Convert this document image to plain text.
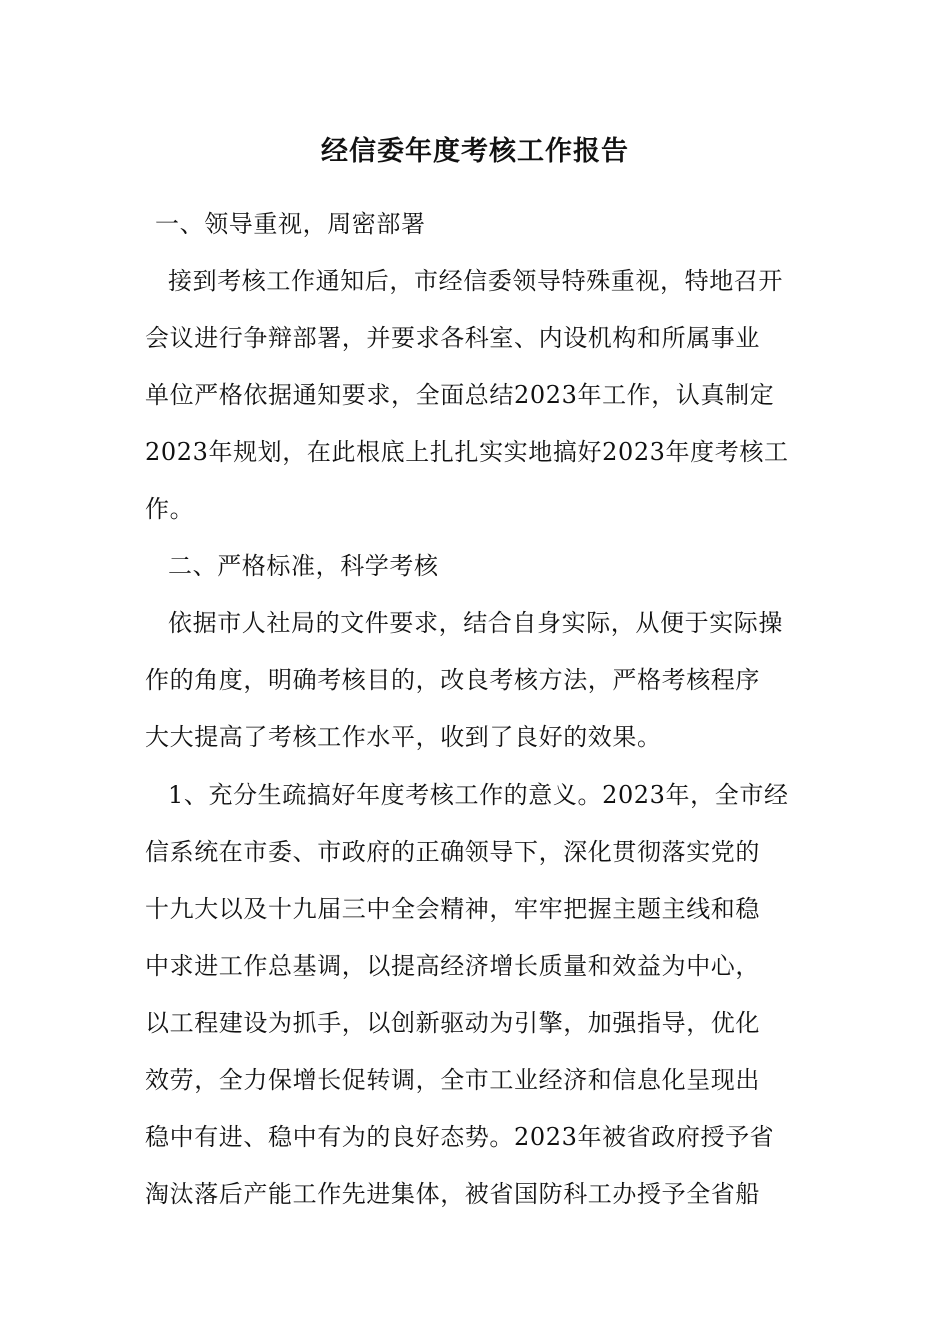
经信委年度考核工作报告

一、领导重视，周密部署

接到考核工作通知后，市经信委领导特殊重视，特地召开

会议进行争辩部署，并要求各科室、内设机构和所属事业

单位严格依据通知要求，全面总结2023年工作，认真制定

2023年规划，在此根底上扎扎实实地搞好2023年度考核工

作。

二、严格标准，科学考核

依据市人社局的文件要求，结合自身实际，从便于实际操

作的角度，明确考核目的，改良考核方法，严格考核程序

大大提高了考核工作水平，收到了良好的效果。

1、充分生疏搞好年度考核工作的意义。2023年，全市经

信系统在市委、市政府的正确领导下，深化贯彻落实党的

十九大以及十九届三中全会精神，牢牢把握主题主线和稳

中求进工作总基调，以提高经济增长质量和效益为中心，

以工程建设为抓手，以创新驱动为引擎，加强指导，优化

效劳，全力保增长促转调，全市工业经济和信息化呈现出

稳中有进、稳中有为的良好态势。2023年被省政府授予省

淘汰落后产能工作先进集体，被省国防科工办授予全省船
